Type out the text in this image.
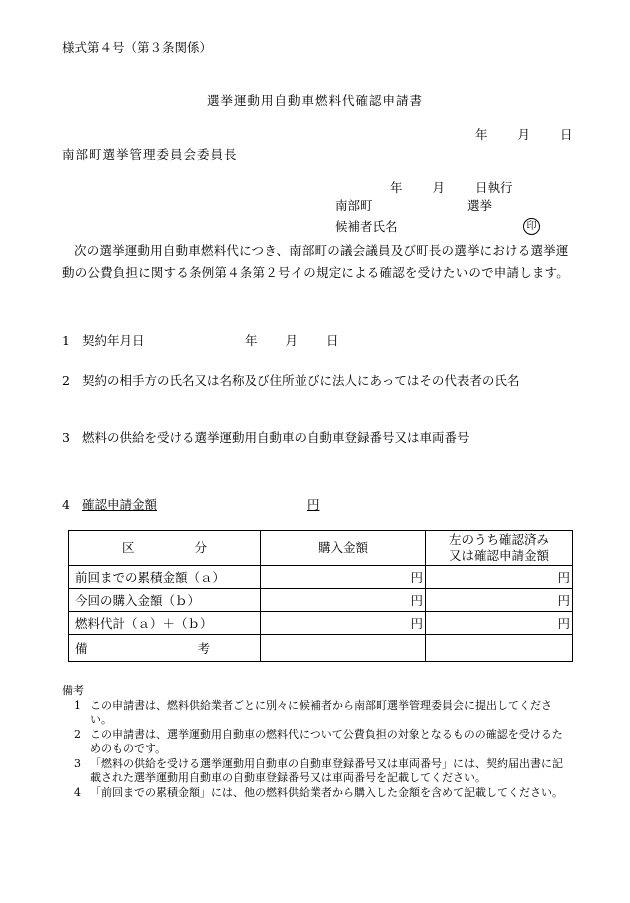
様式第４号（第３条関係）
選挙運動用自動車燃料代確認申請書
年 月 日
南部町選挙管理委員会委員長
年 月 日執行
南部町	選挙
候補者氏名	印
次の選挙運動用自動車燃料代につき、南部町の議会議員及び町長の選挙における選挙運動の公費負担に関する条例第４条第２号イの規定による確認を受けたいので申請します。
1 契約年月日	年 月 日
2 契約の相手方の氏名又は名称及び住所並びに法人にあってはその代表者の氏名
3 燃料の供給を受ける選挙運動用自動車の自動車登録番号又は車両番号
4 確認申請金額	円
区 分	購入金額	左のうち確認済み
又は確認申請金額
前回までの累積金額（ａ）	円	円
今回の購入金額（ｂ）	円	円
燃料代計（ａ）＋（ｂ）	円	円
備 考		
備考
1 この申請書は、燃料供給業者ごとに別々に候補者から南部町選挙管理委員会に提出してください。
2 この申請書は、選挙運動用自動車の燃料代について公費負担の対象となるものの確認を受けるためのものです。
3 「燃料の供給を受ける選挙運動用自動車の自動車登録番号又は車両番号」には、契約届出書に記載された選挙運動用自動車の自動車登録番号又は車両番号を記載してください。
4 「前回までの累積金額」には、他の燃料供給業者から購入した金額を含めて記載してください。
